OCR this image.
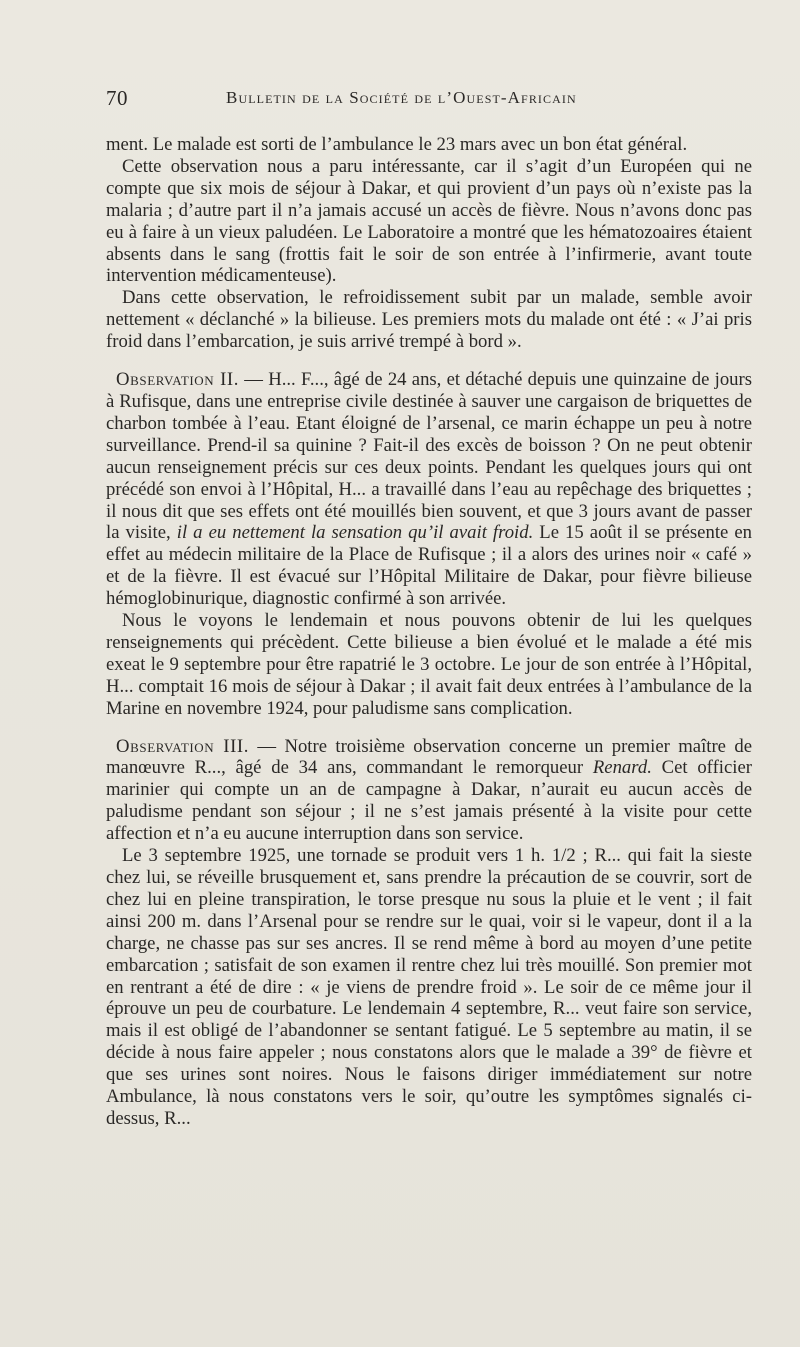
70	Bulletin de la Société de l’Ouest-Africain

ment. Le malade est sorti de l’ambulance le 23 mars avec un bon état général.

Cette observation nous a paru intéressante, car il s’agit d’un Européen qui ne compte que six mois de séjour à Dakar, et qui provient d’un pays où n’existe pas la malaria ; d’autre part il n’a jamais accusé un accès de fièvre. Nous n’avons donc pas eu à faire à un vieux paludéen. Le Laboratoire a montré que les hématozoaires étaient absents dans le sang (frottis fait le soir de son entrée à l’infirmerie, avant toute intervention médicamenteuse).

Dans cette observation, le refroidissement subit par un malade, semble avoir nettement « déclanché » la bilieuse. Les premiers mots du malade ont été : « J’ai pris froid dans l’embarcation, je suis arrivé trempé à bord ».

Observation II. — H... F..., âgé de 24 ans, et détaché depuis une quinzaine de jours à Rufisque, dans une entreprise civile destinée à sauver une cargaison de briquettes de charbon tombée à l’eau. Etant éloigné de l’arsenal, ce marin échappe un peu à notre surveillance. Prend-il sa quinine ? Fait-il des excès de boisson ? On ne peut obtenir aucun renseignement précis sur ces deux points. Pendant les quelques jours qui ont précédé son envoi à l’Hôpital, H... a travaillé dans l’eau au repêchage des briquettes ; il nous dit que ses effets ont été mouillés bien souvent, et que 3 jours avant de passer la visite, il a eu nettement la sensation qu’il avait froid. Le 15 août il se présente en effet au médecin militaire de la Place de Rufisque ; il a alors des urines noir « café » et de la fièvre. Il est évacué sur l’Hôpital Militaire de Dakar, pour fièvre bilieuse hémoglobinurique, diagnostic confirmé à son arrivée.

Nous le voyons le lendemain et nous pouvons obtenir de lui les quelques renseignements qui précèdent. Cette bilieuse a bien évolué et le malade a été mis exeat le 9 septembre pour être rapatrié le 3 octobre. Le jour de son entrée à l’Hôpital, H... comptait 16 mois de séjour à Dakar ; il avait fait deux entrées à l’ambulance de la Marine en novembre 1924, pour paludisme sans complication.

Observation III. — Notre troisième observation concerne un premier maître de manœuvre R..., âgé de 34 ans, commandant le remorqueur Renard. Cet officier marinier qui compte un an de campagne à Dakar, n’aurait eu aucun accès de paludisme pendant son séjour ; il ne s’est jamais présenté à la visite pour cette affection et n’a eu aucune interruption dans son service.

Le 3 septembre 1925, une tornade se produit vers 1 h. 1/2 ; R... qui fait la sieste chez lui, se réveille brusquement et, sans prendre la précaution de se couvrir, sort de chez lui en pleine transpiration, le torse presque nu sous la pluie et le vent ; il fait ainsi 200 m. dans l’Arsenal pour se rendre sur le quai, voir si le vapeur, dont il a la charge, ne chasse pas sur ses ancres. Il se rend même à bord au moyen d’une petite embarcation ; satisfait de son examen il rentre chez lui très mouillé. Son premier mot en rentrant a été de dire : « je viens de prendre froid ». Le soir de ce même jour il éprouve un peu de courbature. Le lendemain 4 septembre, R... veut faire son service, mais il est obligé de l’abandonner se sentant fatigué. Le 5 septembre au matin, il se décide à nous faire appeler ; nous constatons alors que le malade a 39° de fièvre et que ses urines sont noires. Nous le faisons diriger immédiatement sur notre Ambulance, là nous constatons vers le soir, qu’outre les symptômes signalés ci-dessus, R...
